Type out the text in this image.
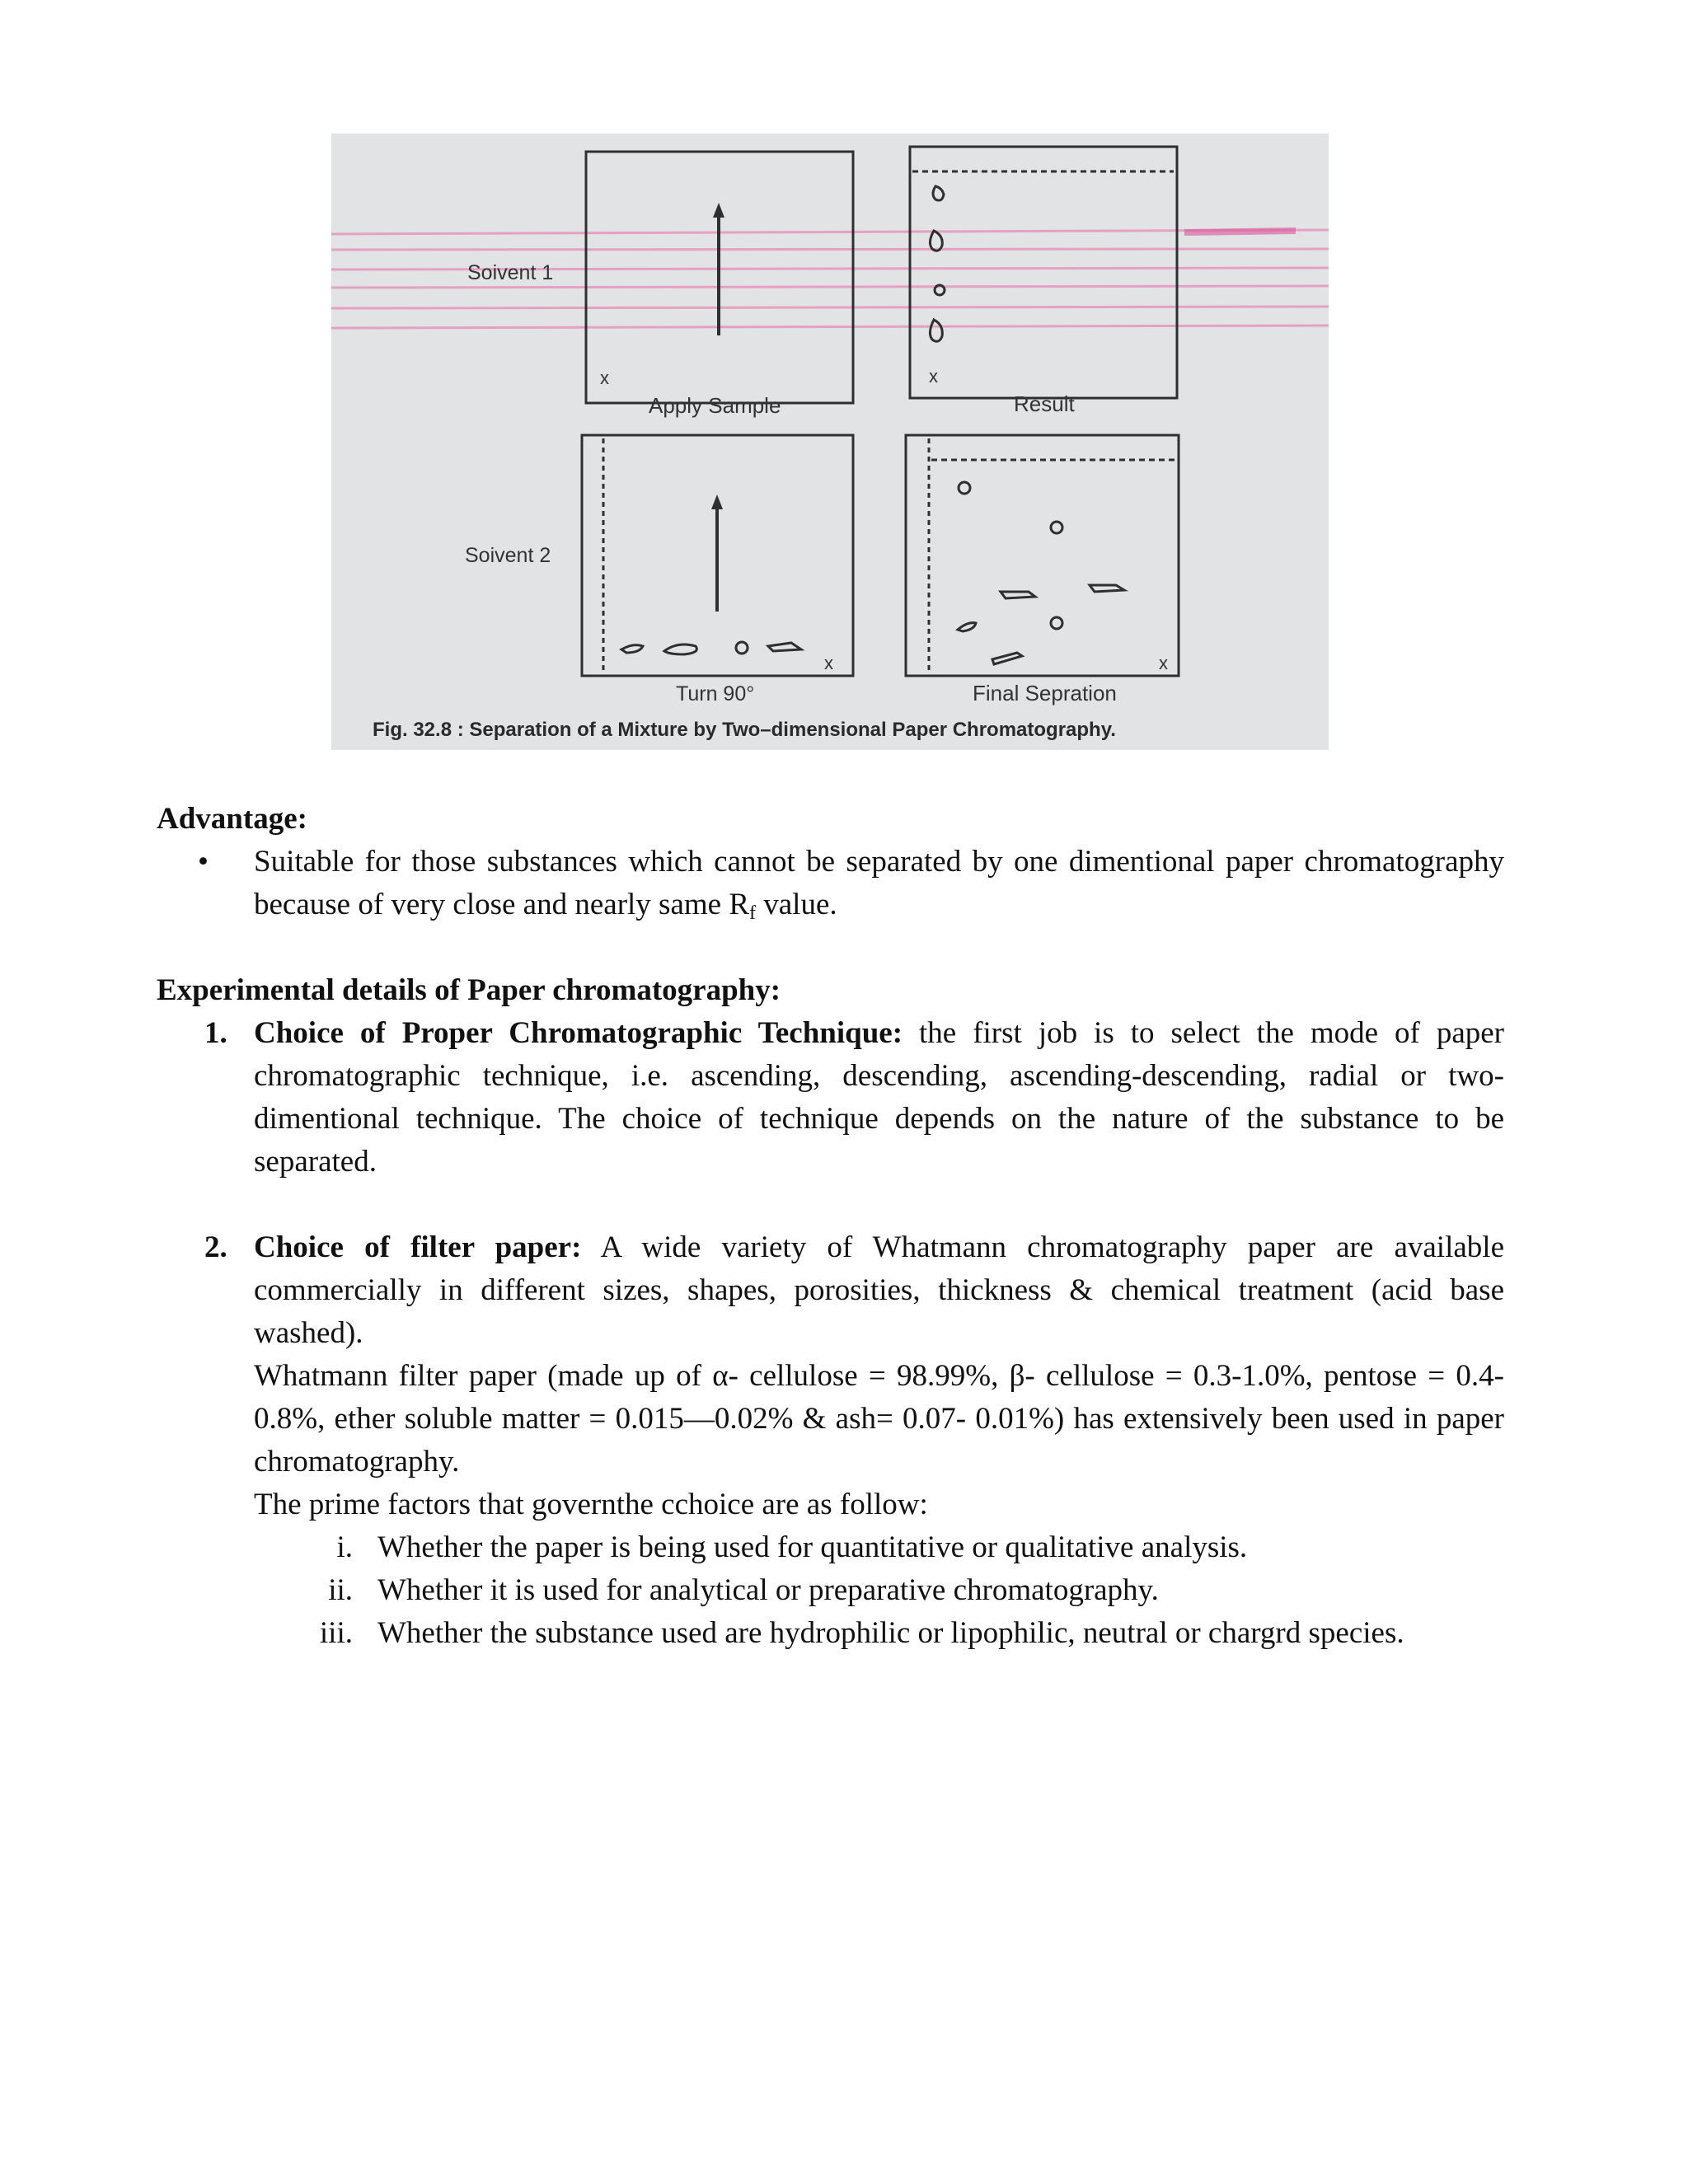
x	x
x	x
Soivent 1
Soivent 2
Apply Sample	Result
Turn 90°	Final Sepration
Fig. 32.8 : Separation of a Mixture by Two–dimensional Paper Chromatography.

Advantage:

•	Suitable for those substances which cannot be separated by one dimentional paper chromatography because of very close and nearly same $R_f$ value.

Experimental details of Paper chromatography:

1. Choice of Proper Chromatographic Technique: the first job is to select the mode of paper chromatographic technique, i.e. ascending, descending, ascending-descending, radial or two-dimentional technique. The choice of technique depends on the nature of the substance to be separated.
2. Choice of filter paper: A wide variety of Whatmann chromatography paper are available commercially in different sizes, shapes, porosities, thickness & chemical treatment (acid base washed).
Whatmann filter paper (made up of α- cellulose = 98.99%, β- cellulose = 0.3-1.0%, pentose = 0.4- 0.8%, ether soluble matter = 0.015—0.02% & ash= 0.07- 0.01%) has extensively been used in paper chromatography.
The prime factors that governthe cchoice are as follow:
i. Whether the paper is being used for quantitative or qualitative analysis.
ii. Whether it is used for analytical or preparative chromatography.
iii. Whether the substance used are hydrophilic or lipophilic, neutral or chargrd species.
